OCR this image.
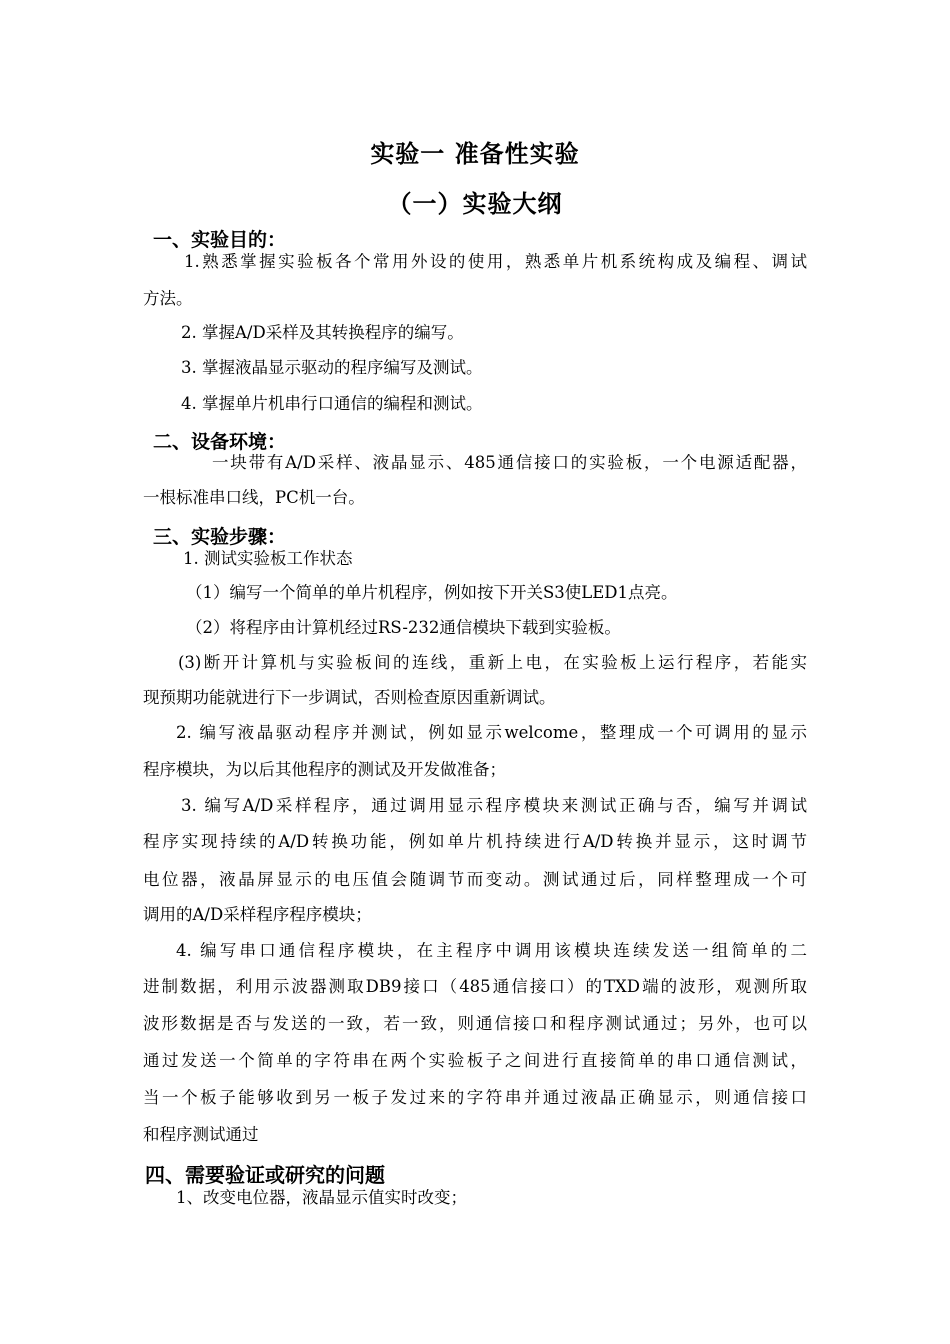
实验一 准备性实验
（一）实验大纲
一、实验目的：
1.熟悉掌握实验板各个常用外设的使用，熟悉单片机系统构成及编程、调试
方法。
2. 掌握A/D采样及其转换程序的编写。
3. 掌握液晶显示驱动的程序编写及测试。
4. 掌握单片机串行口通信的编程和测试。
二、设备环境：
一块带有A/D采样、液晶显示、485通信接口的实验板，一个电源适配器，
一根标准串口线，PC机一台。
三、实验步骤：
1. 测试实验板工作状态
（1）编写一个简单的单片机程序，例如按下开关S3使LED1点亮。
（2）将程序由计算机经过RS-232通信模块下载到实验板。
(3)断开计算机与实验板间的连线，重新上电，在实验板上运行程序，若能实
现预期功能就进行下一步调试，否则检查原因重新调试。
2. 编写液晶驱动程序并测试，例如显示welcome，整理成一个可调用的显示
程序模块，为以后其他程序的测试及开发做准备；
3. 编写A/D采样程序，通过调用显示程序模块来测试正确与否，编写并调试
程序实现持续的A/D转换功能，例如单片机持续进行A/D转换并显示，这时调节
电位器，液晶屏显示的电压值会随调节而变动。测试通过后，同样整理成一个可
调用的A/D采样程序程序模块；
4. 编写串口通信程序模块，在主程序中调用该模块连续发送一组简单的二
进制数据，利用示波器测取DB9接口（485通信接口）的TXD端的波形，观测所取
波形数据是否与发送的一致，若一致，则通信接口和程序测试通过；另外，也可以
通过发送一个简单的字符串在两个实验板子之间进行直接简单的串口通信测试，
当一个板子能够收到另一板子发过来的字符串并通过液晶正确显示，则通信接口
和程序测试通过
四、需要验证或研究的问题
1、改变电位器，液晶显示值实时改变；
